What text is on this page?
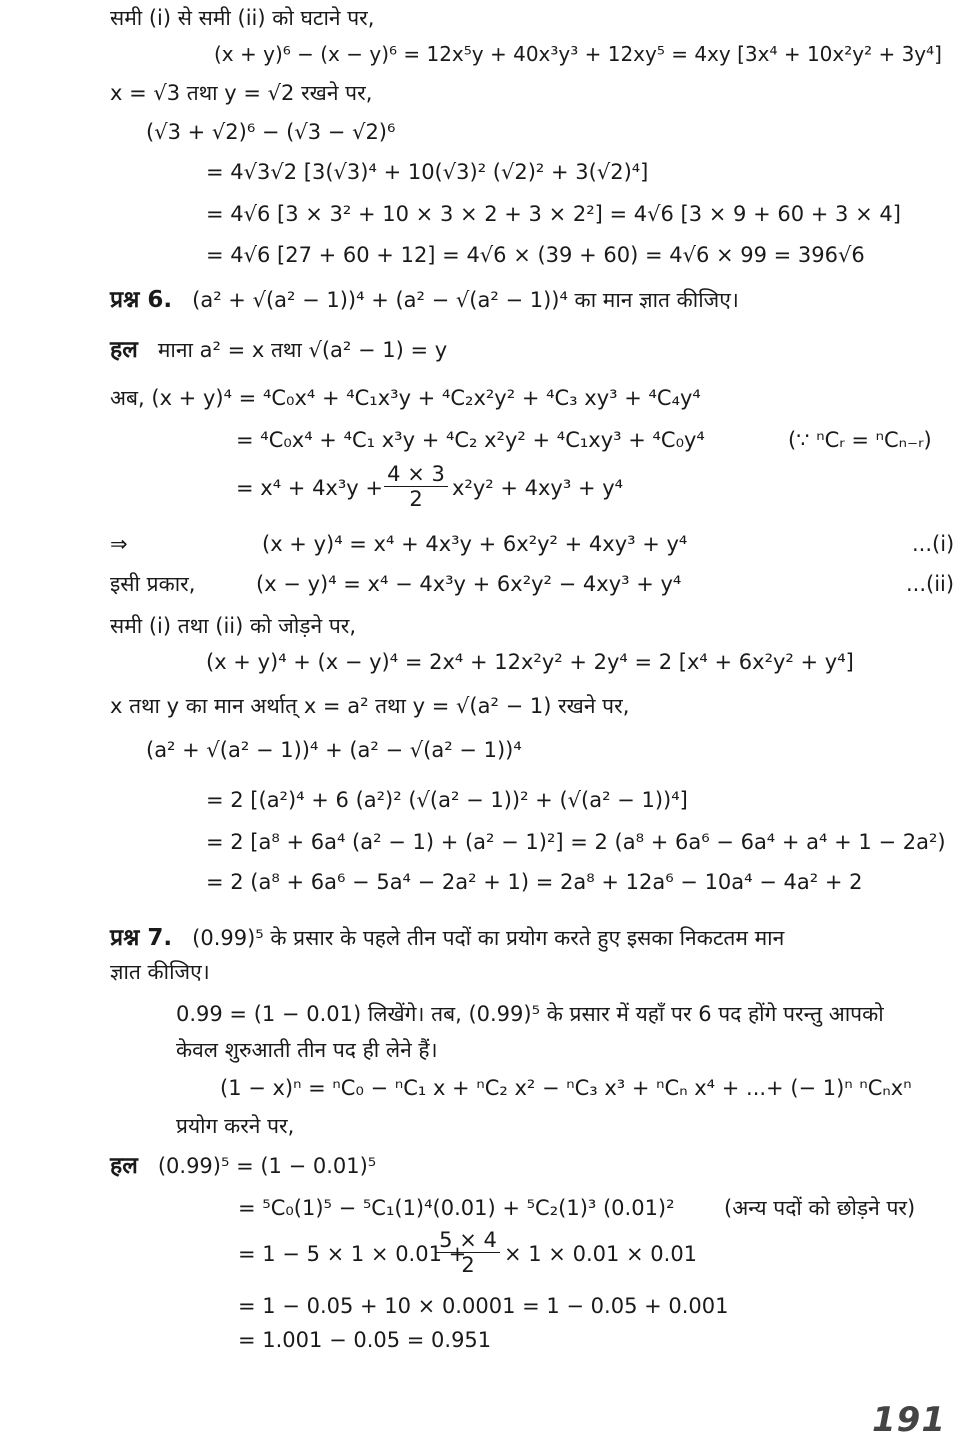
समी (i) से समी (ii) को घटाने पर,
(x + y)⁶ − (x − y)⁶ = 12x⁵y + 40x³y³ + 12xy⁵ = 4xy [3x⁴ + 10x²y² + 3y⁴]
x = √3 तथा y = √2 रखने पर,
(√3 + √2)⁶ − (√3 − √2)⁶
= 4√3√2 [3(√3)⁴ + 10(√3)² (√2)² + 3(√2)⁴]
= 4√6 [3 × 3² + 10 × 3 × 2 + 3 × 2²] = 4√6 [3 × 9 + 60 + 3 × 4]
= 4√6 [27 + 60 + 12] = 4√6 × (39 + 60) = 4√6 × 99 = 396√6
प्रश्न 6. (a² + √(a² − 1))⁴ + (a² − √(a² − 1))⁴ का मान ज्ञात कीजिए।
हल माना a² = x तथा √(a² − 1) = y
अब, (x + y)⁴ = ⁴C₀x⁴ + ⁴C₁x³y + ⁴C₂x²y² + ⁴C₃ xy³ + ⁴C₄y⁴
= ⁴C₀x⁴ + ⁴C₁ x³y + ⁴C₂ x²y² + ⁴C₁xy³ + ⁴C₀y⁴	(∵ ⁿCᵣ = ⁿCₙ₋ᵣ)
= $x^4 + 4x^3y + \frac{4 \times 3}{2} x^2y^2 + 4xy^3 + y^4$
⇒	(x + y)⁴ = x⁴ + 4x³y + 6x²y² + 4xy³ + y⁴	...(i)
इसी प्रकार,	(x − y)⁴ = x⁴ − 4x³y + 6x²y² − 4xy³ + y⁴	...(ii)
समी (i) तथा (ii) को जोड़ने पर,
(x + y)⁴ + (x − y)⁴ = 2x⁴ + 12x²y² + 2y⁴ = 2 [x⁴ + 6x²y² + y⁴]
x तथा y का मान अर्थात् x = a² तथा y = √(a² − 1) रखने पर,
(a² + √(a² − 1))⁴ + (a² − √(a² − 1))⁴
= 2 [(a²)⁴ + 6 (a²)² (√(a² − 1))² + (√(a² − 1))⁴]
= 2 [a⁸ + 6a⁴ (a² − 1) + (a² − 1)²] = 2 (a⁸ + 6a⁶ − 6a⁴ + a⁴ + 1 − 2a²)
= 2 (a⁸ + 6a⁶ − 5a⁴ − 2a² + 1) = 2a⁸ + 12a⁶ − 10a⁴ − 4a² + 2
प्रश्न 7. (0.99)⁵ के प्रसार के पहले तीन पदों का प्रयोग करते हुए इसका निकटतम मान
ज्ञात कीजिए।
0.99 = (1 − 0.01) लिखेंगे। तब, (0.99)⁵ के प्रसार में यहाँ पर 6 पद होंगे परन्तु आपको
केवल शुरुआती तीन पद ही लेने हैं।
(1 − x)ⁿ = ⁿC₀ − ⁿC₁ x + ⁿC₂ x² − ⁿC₃ x³ + ⁿCₙ x⁴ + ...+ (− 1)ⁿ ⁿCₙxⁿ
प्रयोग करने पर,
हल (0.99)⁵ = (1 − 0.01)⁵
= ⁵C₀(1)⁵ − ⁵C₁(1)⁴(0.01) + ⁵C₂(1)³ (0.01)² (अन्य पदों को छोड़ने पर)
= 1 − 5 × 1 × 0.01 +
$\frac{5 \times 4}{2} \times 1 \times 0.01 \times 0.01$
= 1 − 0.05 + 10 × 0.0001 = 1 − 0.05 + 0.001
= 1.001 − 0.05 = 0.951
191
